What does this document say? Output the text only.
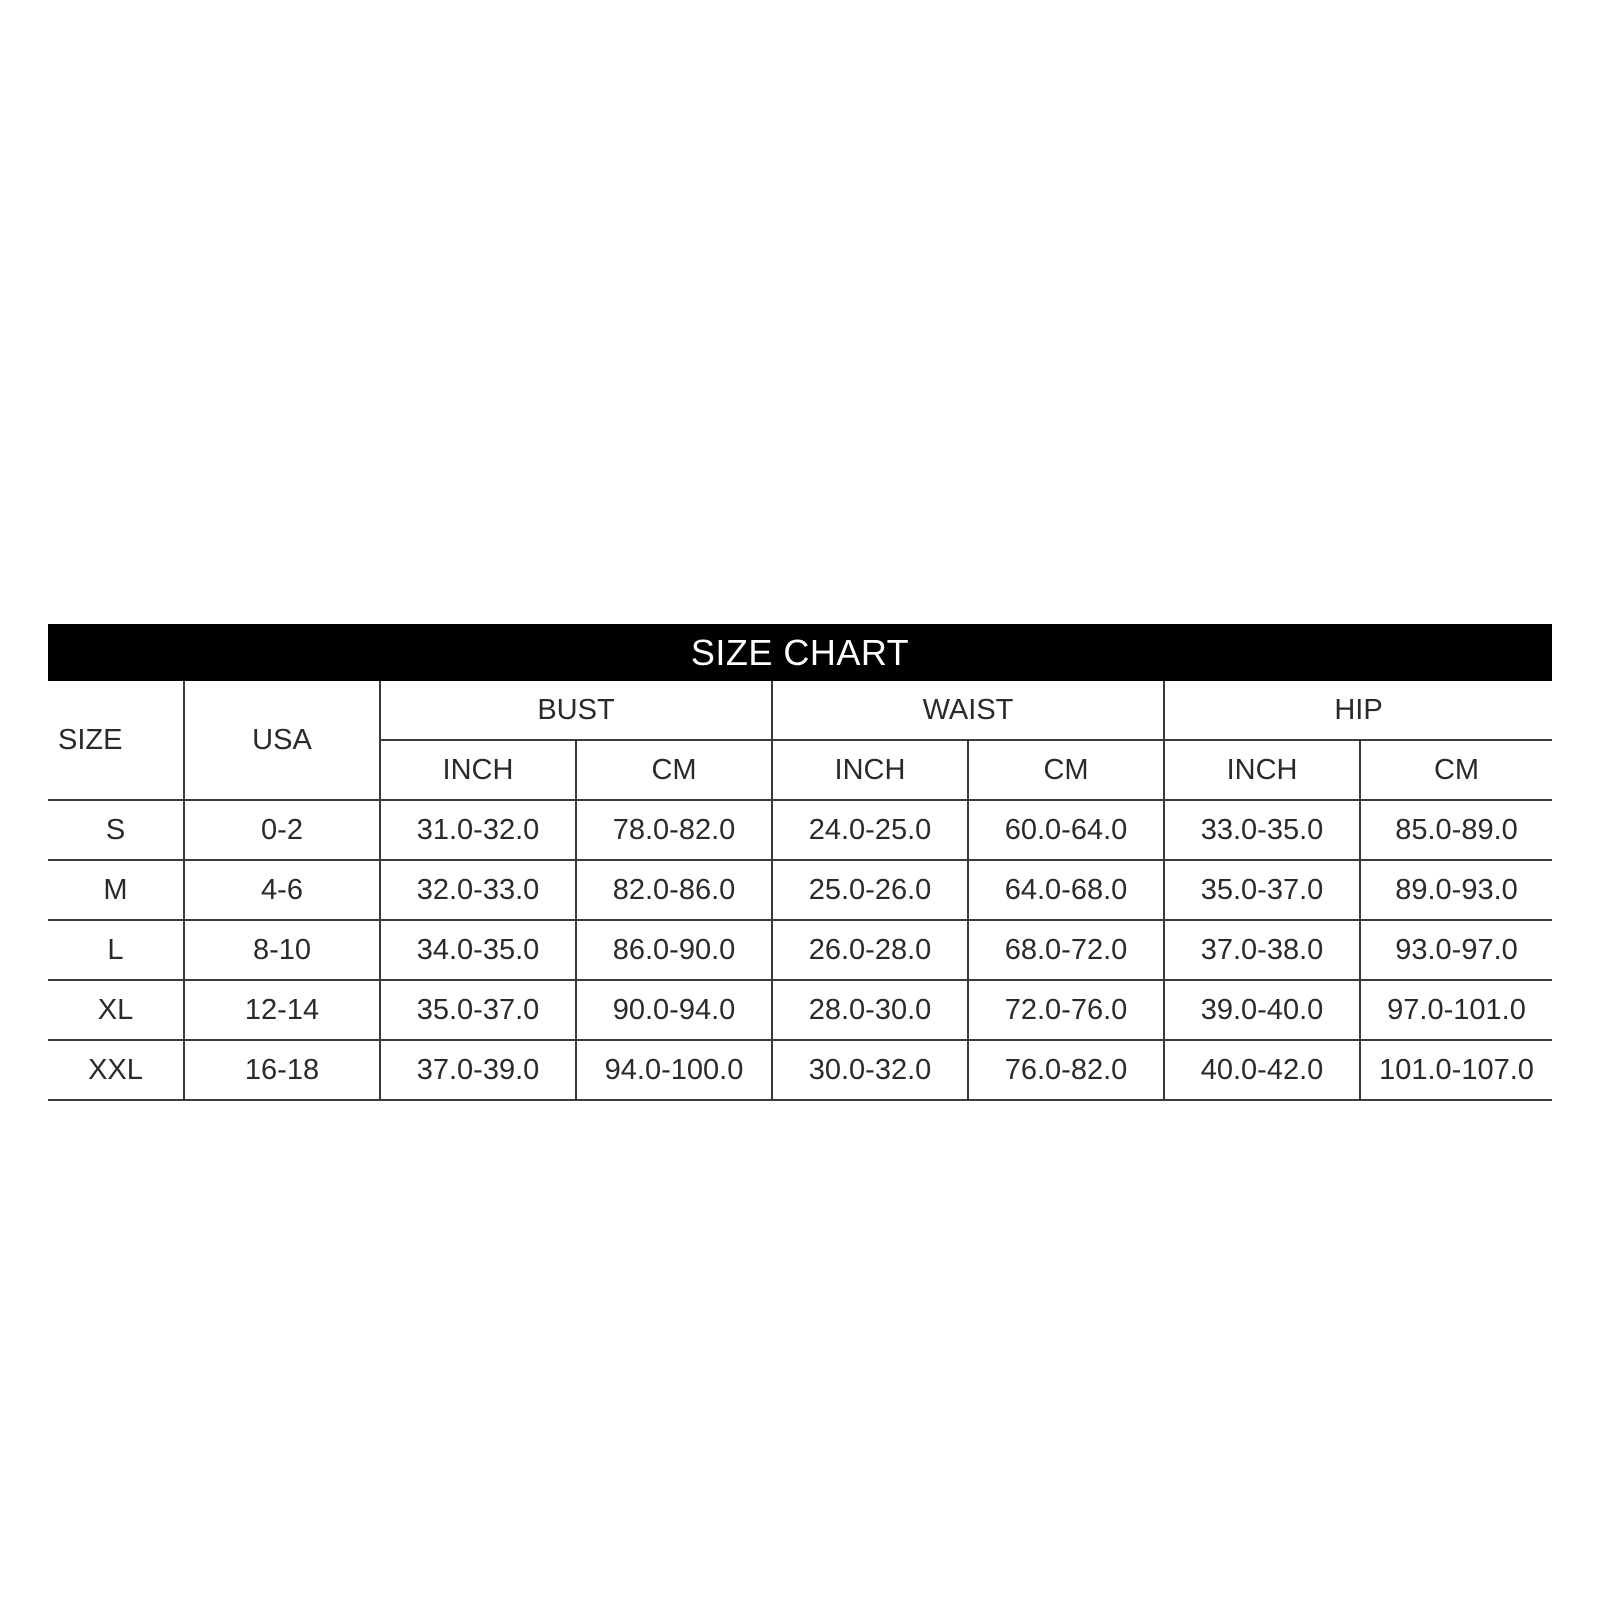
SIZE CHART
SIZE	USA	BUST		WAIST		HIP	
		INCH	CM	INCH	CM	INCH	CM
S	0-2	31.0-32.0	78.0-82.0	24.0-25.0	60.0-64.0	33.0-35.0	85.0-89.0
M	4-6	32.0-33.0	82.0-86.0	25.0-26.0	64.0-68.0	35.0-37.0	89.0-93.0
L	8-10	34.0-35.0	86.0-90.0	26.0-28.0	68.0-72.0	37.0-38.0	93.0-97.0
XL	12-14	35.0-37.0	90.0-94.0	28.0-30.0	72.0-76.0	39.0-40.0	97.0-101.0
XXL	16-18	37.0-39.0	94.0-100.0	30.0-32.0	76.0-82.0	40.0-42.0	101.0-107.0
